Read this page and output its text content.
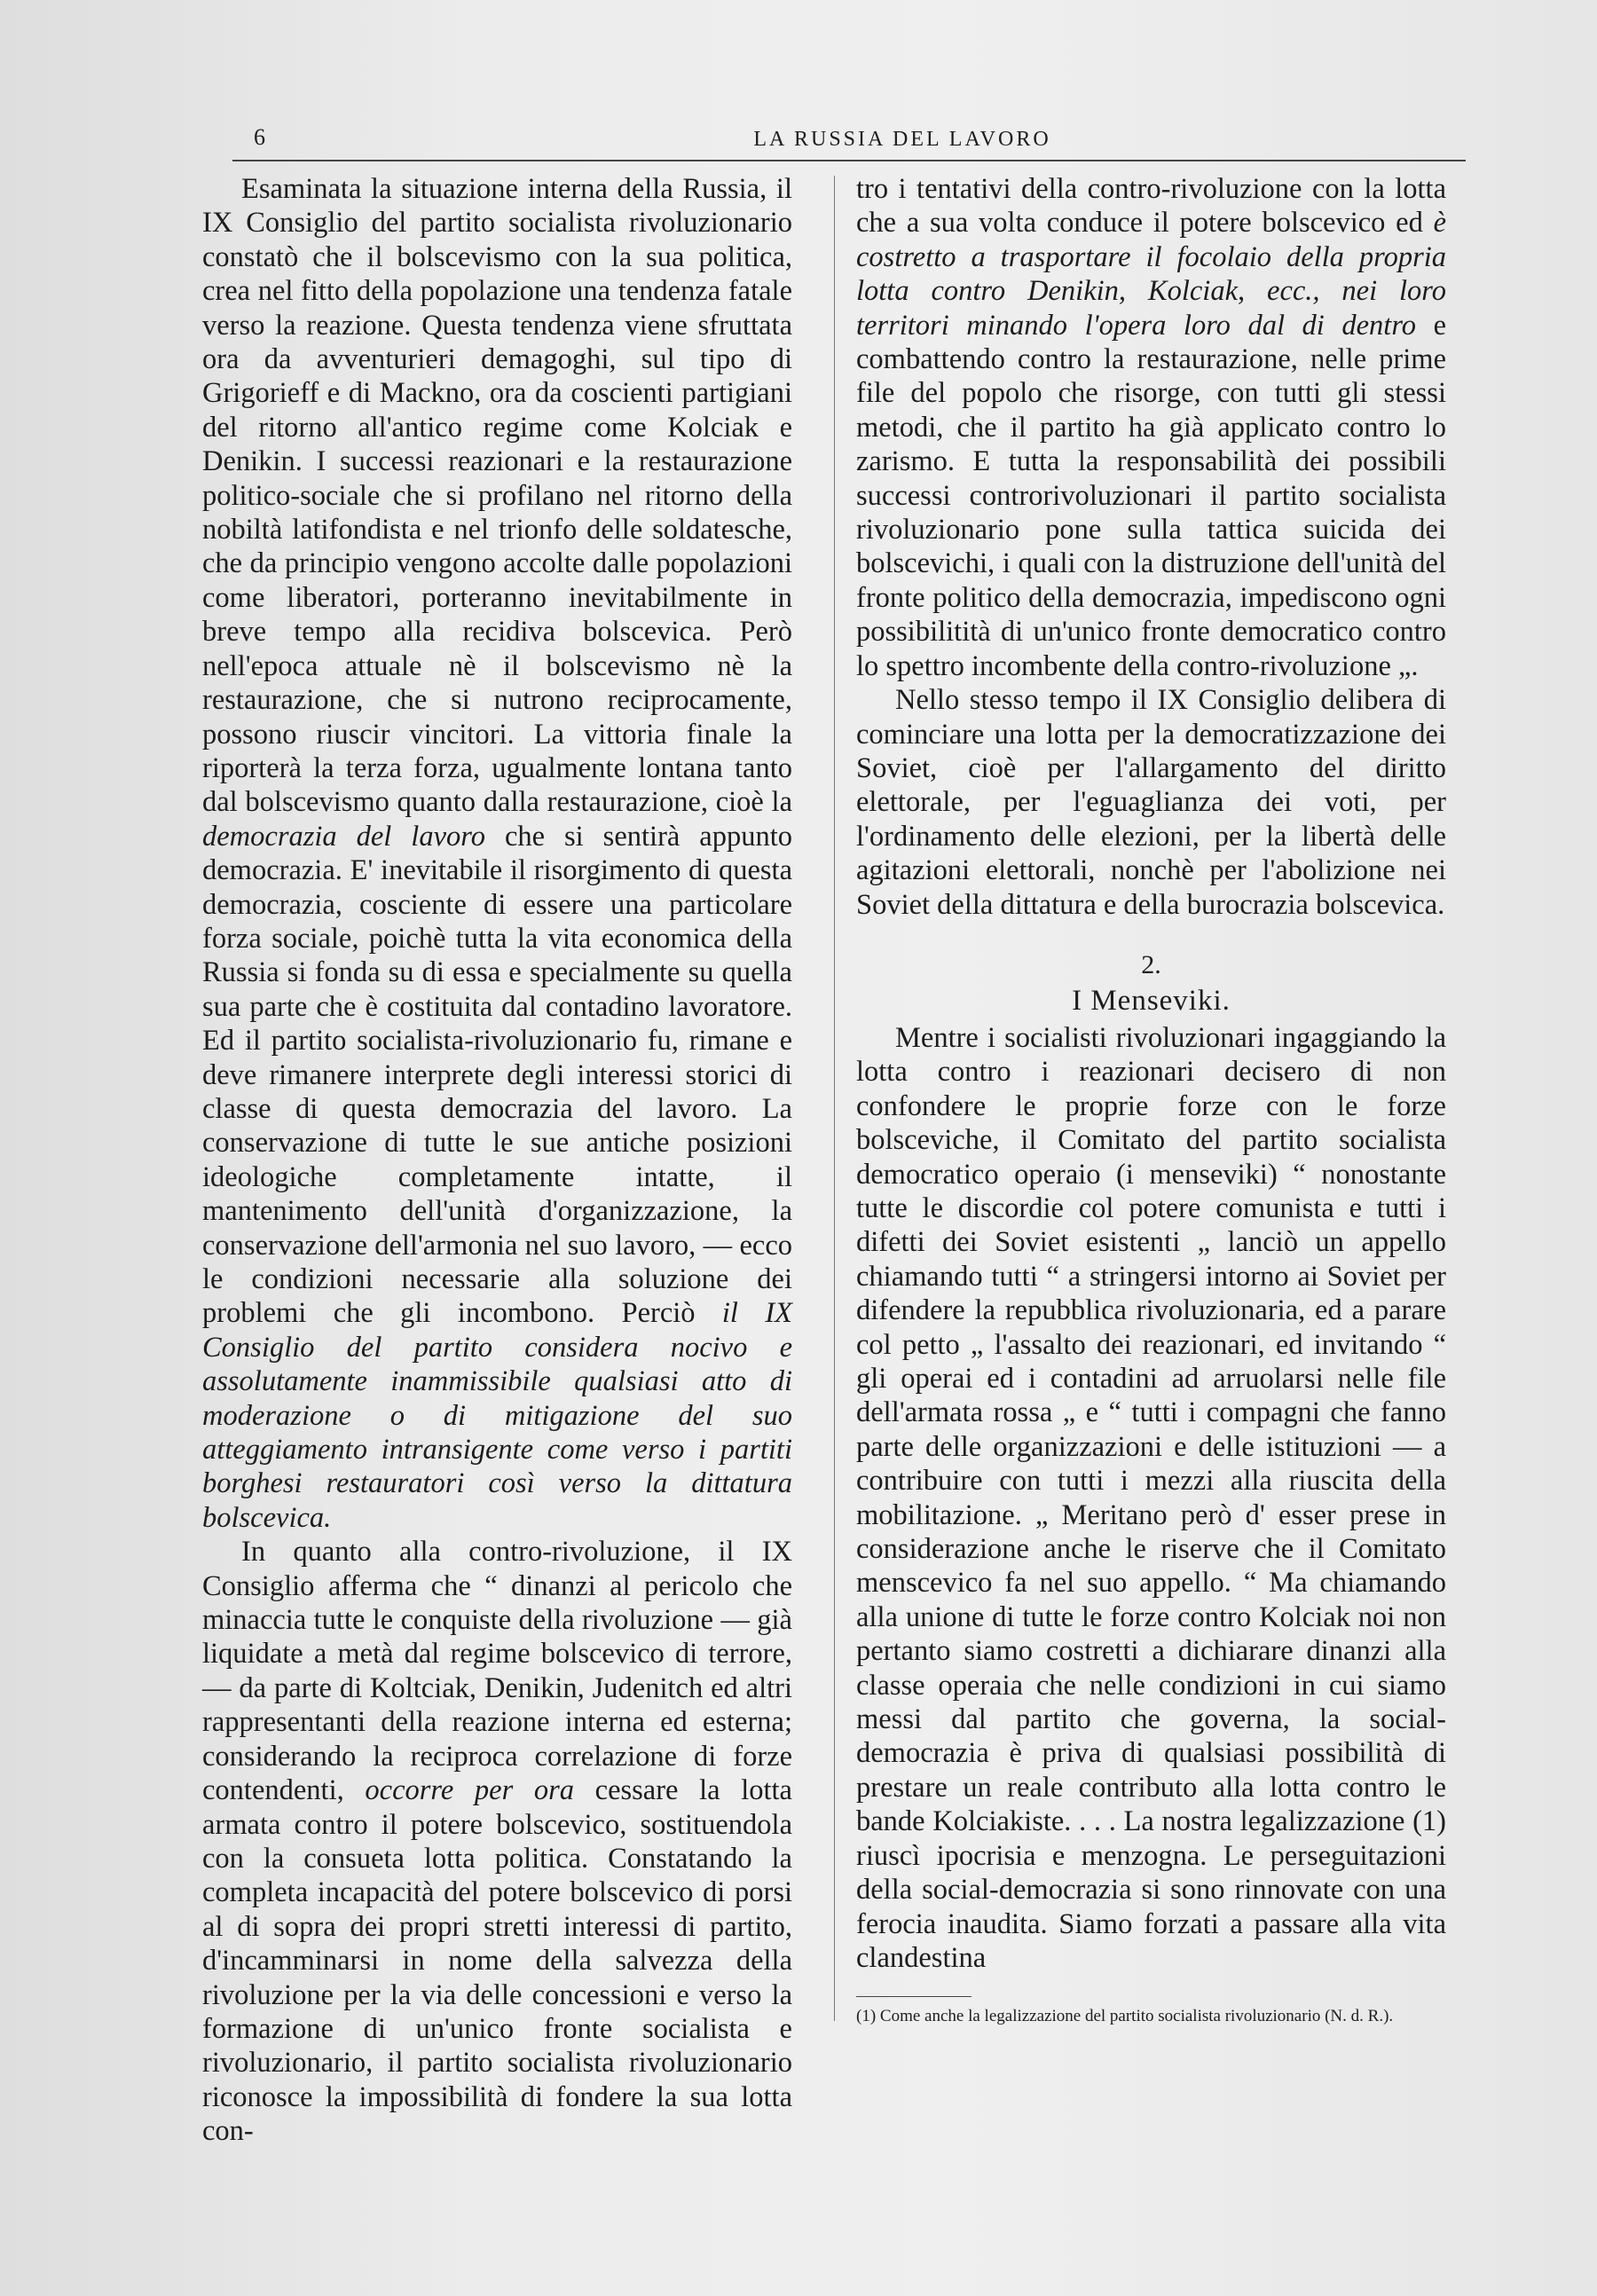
6	LA RUSSIA DEL LAVORO

Esaminata la situazione interna della Russia, il IX Consiglio del partito socialista rivoluzionario constatò che il bolscevismo con la sua politica, crea nel fitto della popolazione una tendenza fatale verso la reazione. Questa tendenza viene sfruttata ora da avventurieri demagoghi, sul tipo di Grigorieff e di Mackno, ora da coscienti partigiani del ritorno all'antico regime come Kolciak e Denikin. I successi reazionari e la restaurazione politico-sociale che si profilano nel ritorno della nobiltà latifondista e nel trionfo delle soldatesche, che da principio vengono accolte dalle popolazioni come liberatori, porteranno inevitabilmente in breve tempo alla recidiva bolscevica. Però nell'epoca attuale nè il bolscevismo nè la restaurazione, che si nutrono reciprocamente, possono riuscir vincitori. La vittoria finale la riporterà la terza forza, ugualmente lontana tanto dal bolscevismo quanto dalla restaurazione, cioè la democrazia del lavoro che si sentirà appunto democrazia. E' inevitabile il risorgimento di questa democrazia, cosciente di essere una particolare forza sociale, poichè tutta la vita economica della Russia si fonda su di essa e specialmente su quella sua parte che è costituita dal contadino lavoratore. Ed il partito socialista-rivoluzionario fu, rimane e deve rimanere interprete degli interessi storici di classe di questa democrazia del lavoro. La conservazione di tutte le sue antiche posizioni ideologiche completamente intatte, il mantenimento dell'unità d'organizzazione, la conservazione dell'armonia nel suo lavoro, — ecco le condizioni necessarie alla soluzione dei problemi che gli incombono. Perciò il IX Consiglio del partito considera nocivo e assolutamente inammissibile qualsiasi atto di moderazione o di mitigazione del suo atteggiamento intransigente come verso i partiti borghesi restauratori così verso la dittatura bolscevica.

In quanto alla contro-rivoluzione, il IX Consiglio afferma che “ dinanzi al pericolo che minaccia tutte le conquiste della rivoluzione — già liquidate a metà dal regime bolscevico di terrore, — da parte di Koltciak, Denikin, Judenitch ed altri rappresentanti della reazione interna ed esterna; considerando la reciproca correlazione di forze contendenti, occorre per ora cessare la lotta armata contro il potere bolscevico, sostituendola con la consueta lotta politica. Constatando la completa incapacità del potere bolscevico di porsi al di sopra dei propri stretti interessi di partito, d'incamminarsi in nome della salvezza della rivoluzione per la via delle concessioni e verso la formazione di un'unico fronte socialista e rivoluzionario, il partito socialista rivoluzionario riconosce la impossibilità di fondere la sua lotta con-

tro i tentativi della contro-rivoluzione con la lotta che a sua volta conduce il potere bolscevico ed è costretto a trasportare il focolaio della propria lotta contro Denikin, Kolciak, ecc., nei loro territori minando l'opera loro dal di dentro e combattendo contro la restaurazione, nelle prime file del popolo che risorge, con tutti gli stessi metodi, che il partito ha già applicato contro lo zarismo. E tutta la responsabilità dei possibili successi controrivoluzionari il partito socialista rivoluzionario pone sulla tattica suicida dei bolscevichi, i quali con la distruzione dell'unità del fronte politico della democrazia, impediscono ogni possibilitità di un'unico fronte democratico contro lo spettro incombente della contro-rivoluzione „.

Nello stesso tempo il IX Consiglio delibera di cominciare una lotta per la democratizzazione dei Soviet, cioè per l'allargamento del diritto elettorale, per l'eguaglianza dei voti, per l'ordinamento delle elezioni, per la libertà delle agitazioni elettorali, nonchè per l'abolizione nei Soviet della dittatura e della burocrazia bolscevica.

2.
I Menseviki.

Mentre i socialisti rivoluzionari ingaggiando la lotta contro i reazionari decisero di non confondere le proprie forze con le forze bolsceviche, il Comitato del partito socialista democratico operaio (i menseviki) “ nonostante tutte le discordie col potere comunista e tutti i difetti dei Soviet esistenti „ lanciò un appello chiamando tutti “ a stringersi intorno ai Soviet per difendere la repubblica rivoluzionaria, ed a parare col petto „ l'assalto dei reazionari, ed invitando “ gli operai ed i contadini ad arruolarsi nelle file dell'armata rossa „ e “ tutti i compagni che fanno parte delle organizzazioni e delle istituzioni — a contribuire con tutti i mezzi alla riuscita della mobilitazione. „ Meritano però d' esser prese in considerazione anche le riserve che il Comitato menscevico fa nel suo appello. “ Ma chiamando alla unione di tutte le forze contro Kolciak noi non pertanto siamo costretti a dichiarare dinanzi alla classe operaia che nelle condizioni in cui siamo messi dal partito che governa, la social-democrazia è priva di qualsiasi possibilità di prestare un reale contributo alla lotta contro le bande Kolciakiste. . . . La nostra legalizzazione (1) riuscì ipocrisia e menzogna. Le perseguitazioni della social-democrazia si sono rinnovate con una ferocia inaudita. Siamo forzati a passare alla vita clandestina

(1) Come anche la legalizzazione del partito socialista rivoluzionario (N. d. R.).
